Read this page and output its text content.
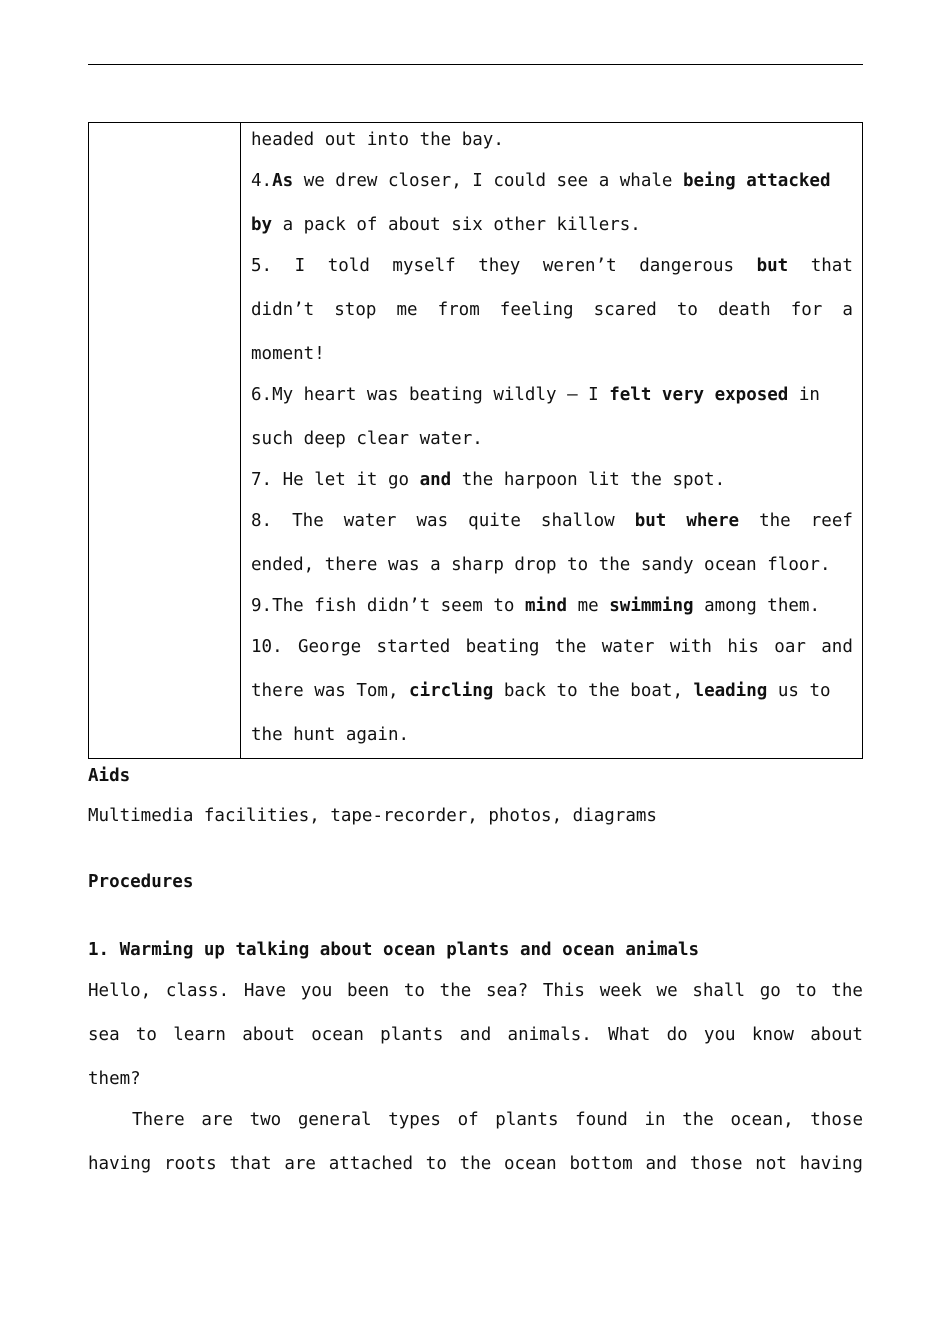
headed out into the bay.
4.As we drew closer, I could see a whale being attacked
by a pack of about six other killers.
5. I told myself they weren’t dangerous but that
didn’t stop me from feeling scared to death for a
moment!
6.My heart was beating wildly — I felt very exposed in
such deep clear water.
7. He let it go and the harpoon lit the spot.
8. The water was quite shallow but where the reef
ended, there was a sharp drop to the sandy ocean floor.
9.The fish didn’t seem to mind me swimming among them.
10. George started beating the water with his oar and
there was Tom, circling back to the boat, leading us to
the hunt again.
Aids
Multimedia facilities, tape-recorder, photos, diagrams
Procedures
1. Warming up talking about ocean plants and ocean animals
Hello, class. Have you been to the sea? This week we shall go to the
sea to learn about ocean plants and animals. What do you know about
them?
There are two general types of plants found in the ocean, those
having roots that are attached to the ocean bottom and those not having
